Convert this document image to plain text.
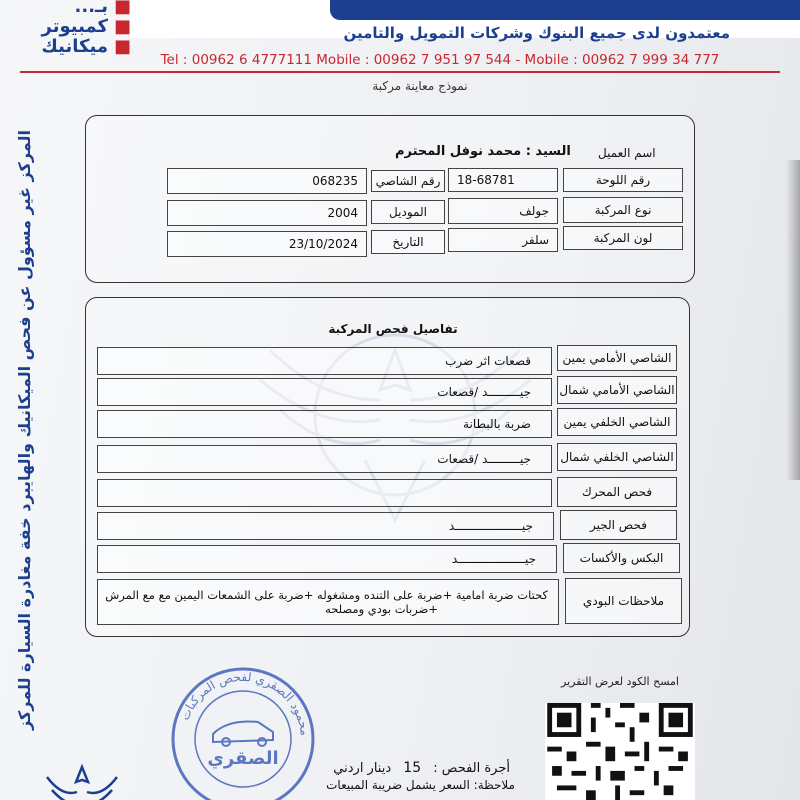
معتمدون لدى جميع البنوك وشركات التمويل والتامين
■بـ...
■كمبيوتر
■ميكانيك
Tel : 00962 6 4777111 Mobile : 00962 7 951 97 544 - Mobile : 00962 7 999 34 777
نموذج معاينة مركبة
المركز غير مسؤول عن فحص الميكانيك والهايبرد خفة مغادرة السيارة للمركز	اسم العميل
السيد : محمد نوفل المحترم
رقم اللوحة
18-68781
رقم الشاصي
068235
نوع المركبة
جولف
الموديل
2004
لون المركبة
سلفر
التاريخ
23/10/2024
تفاصيل فحص المركبة
الشاصي الأمامي يمين
قصعات اثر ضرب
الشاصي الأمامي شمال
جيـــــــــد /قصعات
الشاصي الخلفي يمين
ضربة بالبطانة
الشاصي الخلفي شمال
جيـــــــــد /قصعات
فحص المحرك
فحص الجير
جيـــــــــــــــــــد
البكس والأكسات
جيـــــــــــــــــــد
ملاحظات البودي
كحتات ضربة امامية +ضربة على التنده ومشغوله +ضربة على الشمعات اليمين مع مع المرش
+ضربات بودي ومصلحه
امسح الكود لعرض التقرير
أجرة الفحص : 15 دينار اردني
ملاحظة: السعر يشمل ضريبة المبيعات
محمود الصقري لفحص المركبات
الصقري
